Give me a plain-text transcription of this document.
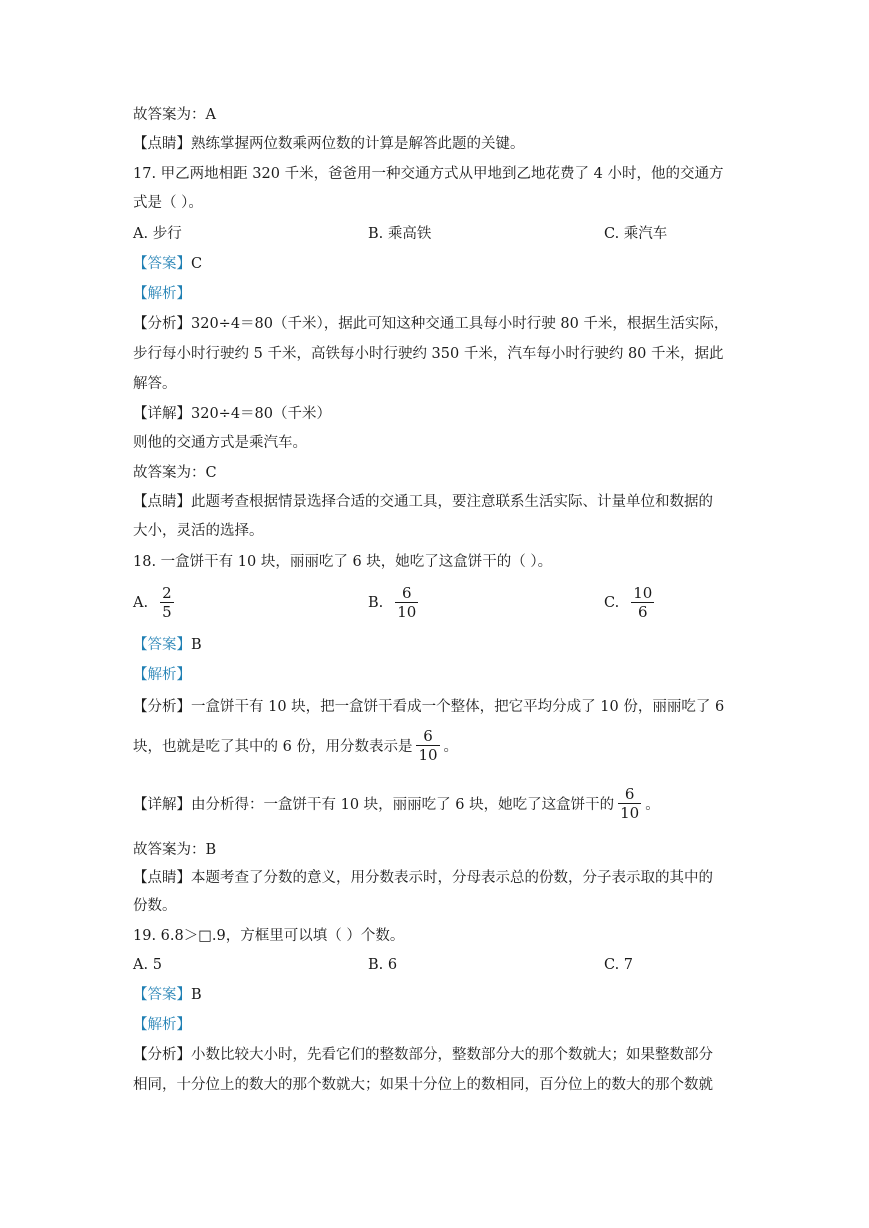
故答案为：A
【点睛】熟练掌握两位数乘两位数的计算是解答此题的关键。
17. 甲乙两地相距 320 千米，爸爸用一种交通方式从甲地到乙地花费了 4 小时，他的交通方
式是（ ）。
A. 步行	B. 乘高铁	C. 乘汽车
【答案】C
【解析】
【分析】320÷4＝80（千米），据此可知这种交通工具每小时行驶 80 千米，根据生活实际，
步行每小时行驶约 5 千米，高铁每小时行驶约 350 千米，汽车每小时行驶约 80 千米，据此
解答。
【详解】320÷4＝80（千米）
则他的交通方式是乘汽车。
故答案为：C
【点睛】此题考查根据情景选择合适的交通工具，要注意联系生活实际、计量单位和数据的
大小，灵活的选择。
18. 一盒饼干有 10 块，丽丽吃了 6 块，她吃了这盒饼干的（ ）。
A. $\frac{2}{5}$	B. $\frac{6}{10}$	C. $\frac{10}{6}$
【答案】B
【解析】
【分析】一盒饼干有 10 块，把一盒饼干看成一个整体，把它平均分成了 10 份，丽丽吃了 6
块，也就是吃了其中的 6 份，用分数表示是 $\frac{6}{10}$ 。
【详解】 由分析得：一盒饼干有 10 块，丽丽吃了 6 块，她吃了这盒饼干的 $\frac{6}{10}$ 。
故答案为：B
【点睛】本题考查了分数的意义，用分数表示时，分母表示总的份数，分子表示取的其中的
份数。
19. 6.8＞□.9，方框里可以填（ ）个数。
A. 5	B. 6	C. 7
【答案】B
【解析】
【分析】小数比较大小时，先看它们的整数部分，整数部分大的那个数就大；如果整数部分
相同，十分位上的数大的那个数就大；如果十分位上的数相同，百分位上的数大的那个数就
